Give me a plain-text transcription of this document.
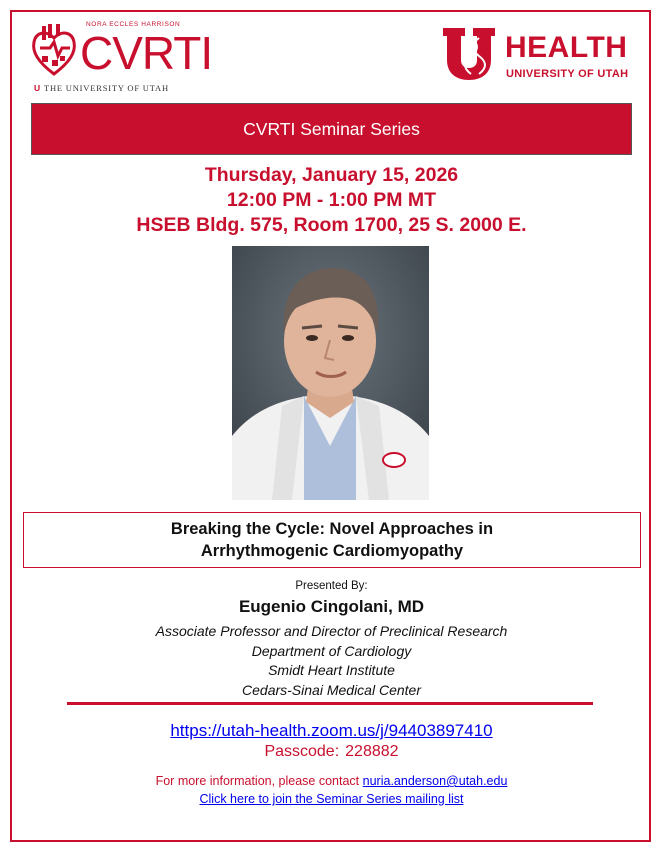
NORA ECCLES HARRISON
CVRTI
U THE UNIVERSITY OF UTAH
HEALTH
UNIVERSITY OF UTAH
CVRTI Seminar Series
Thursday, January 15, 2026
12:00 PM - 1:00 PM MT
HSEB Bldg. 575, Room 1700, 25 S. 2000 E.
Breaking the Cycle: Novel Approaches in
Arrhythmogenic Cardiomyopathy
Presented By:
Eugenio Cingolani, MD
Associate Professor and Director of Preclinical Research
Department of Cardiology
Smidt Heart Institute
Cedars-Sinai Medical Center
https://utah-health.zoom.us/j/94403897410
Passcode: 228882
For more information, please contact nuria.anderson@utah.edu
Click here to join the Seminar Series mailing list
